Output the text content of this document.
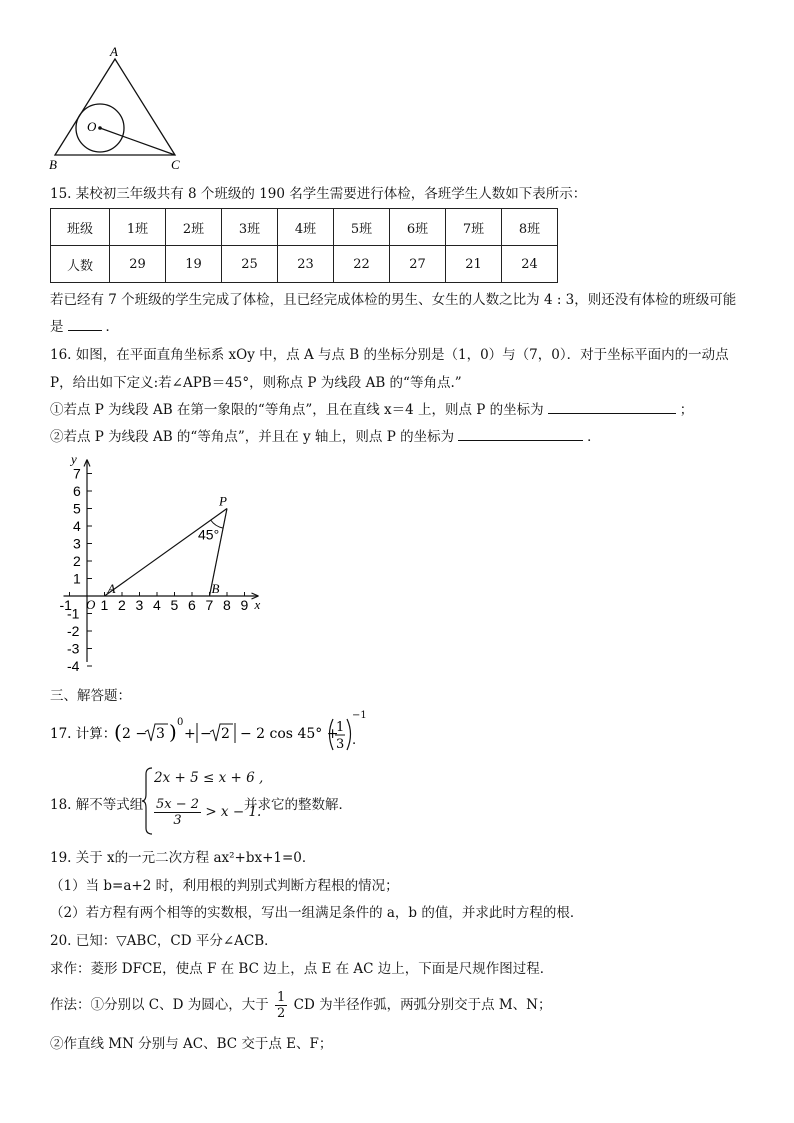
A
O
B	C
15. 某校初三年级共有 8 个班级的 190 名学生需要进行体检，各班学生人数如下表所示：
班级	1班	2班	3班	4班	5班	6班	7班	8班
人数	29	19	25	23	22	27	21	24
若已经有 7 个班级的学生完成了体检，且已经完成体检的男生、女生的人数之比为 4 : 3，则还没有体检的班级可能
是	．
16. 如图，在平面直角坐标系 xOy 中，点 A 与点 B 的坐标分别是（1，0）与（7，0）．对于坐标平面内的一动点
P，给出如下定义:若∠APB＝45°，则称点 P 为线段 AB 的“等角点.”
①若点 P 为线段 AB 在第一象限的“等角点”，且在直线 x＝4 上，则点 P 的坐标为	；
②若点 P 为线段 AB 的“等角点”，并且在 y 轴上，则点 P 的坐标为	．
x
y
-1 1 2 3 4 5 6 7 8 9
7
6
5
4
3
2
1
-1
-2
-3
-4
O
45°
A	B
P
三、解答题：
17. 计算：
( 2 − 3 ) 0
+ − 2 − 2 cos 45° +
1
3
−1
．
18. 解不等式组
2x + 5 ≤ x + 6 ,
$\frac{5x - 2}{3} > x - 1$.
并求它的整数解．
19. 关于 x的一元二次方程 ax²+bx+1=0．
（1）当 b=a+2 时，利用根的判别式判断方程根的情况；
（2）若方程有两个相等的实数根，写出一组满足条件的 a，b 的值，并求此时方程的根．
20. 已知：▽ABC，CD 平分∠ACB．
求作：菱形 DFCE，使点 F 在 BC 边上，点 E 在 AC 边上，下面是尺规作图过程．
作法：①分别以 C、D 为圆心，大于 $\frac{1}{2}$ CD 为半径作弧，两弧分别交于点 M、N；
②作直线 MN 分别与 AC、BC 交于点 E、F；
